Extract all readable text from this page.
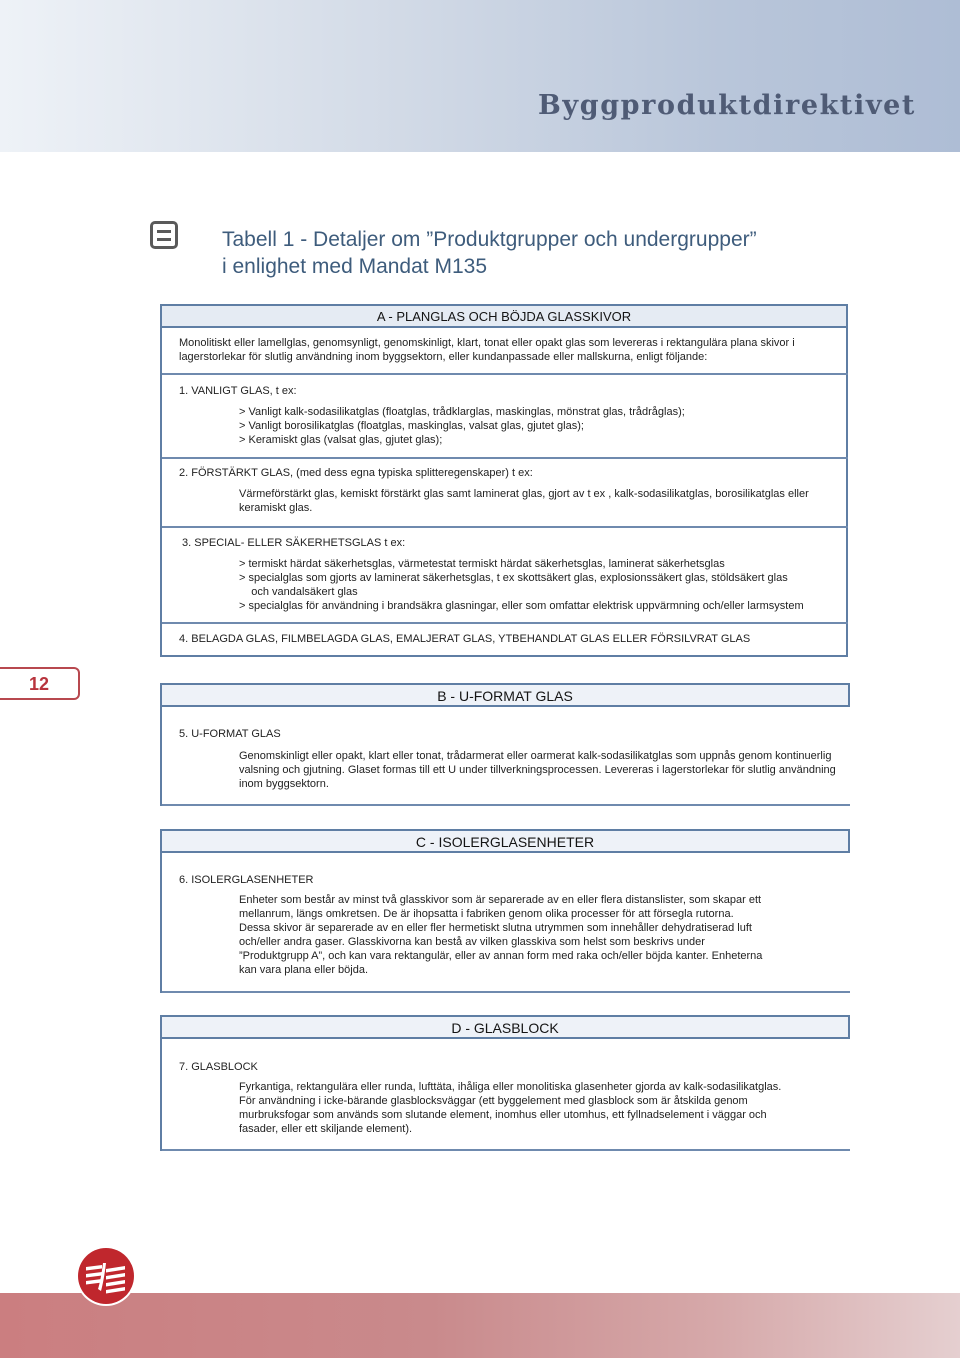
Byggproduktdirektivet
Tabell 1 - Detaljer om ”Produktgrupper och undergrupper”
i enlighet med Mandat M135
A - PLANGLAS OCH BÖJDA GLASSKIVOR
Monolitiskt eller lamellglas, genomsynligt, genomskinligt, klart, tonat eller opakt glas som levereras i rektangulära plana skivor i
lagerstorlekar för slutlig användning inom byggsektorn, eller kundanpassade eller mallskurna, enligt följande:
1. VANLIGT GLAS, t ex:
> Vanligt kalk-sodasilikatglas (floatglas, trådklarglas, maskinglas, mönstrat glas, trådråglas);
> Vanligt borosilikatglas (floatglas, maskinglas, valsat glas, gjutet glas);
> Keramiskt glas (valsat glas, gjutet glas);
2. FÖRSTÄRKT GLAS, (med dess egna typiska splitteregenskaper) t ex:
Värmeförstärkt glas, kemiskt förstärkt glas samt laminerat glas, gjort av t ex , kalk-sodasilikatglas, borosilikatglas eller
keramiskt glas.
3. SPECIAL- ELLER SÄKERHETSGLAS t ex:
> termiskt härdat säkerhetsglas, värmetestat termiskt härdat säkerhetsglas, laminerat säkerhetsglas
> specialglas som gjorts av laminerat säkerhetsglas, t ex skottsäkert glas, explosionssäkert glas, stöldsäkert glas
och vandalsäkert glas
> specialglas för användning i brandsäkra glasningar, eller som omfattar elektrisk uppvärmning och/eller larmsystem
4. BELAGDA GLAS, FILMBELAGDA GLAS, EMALJERAT GLAS, YTBEHANDLAT GLAS ELLER FÖRSILVRAT GLAS
12
B - U-FORMAT GLAS
5. U-FORMAT GLAS
Genomskinligt eller opakt, klart eller tonat, trådarmerat eller oarmerat kalk-sodasilikatglas som uppnås genom kontinuerlig
valsning och gjutning. Glaset formas till ett U under tillverkningsprocessen. Levereras i lagerstorlekar för slutlig användning
inom byggsektorn.
C - ISOLERGLASENHETER
6. ISOLERGLASENHETER
Enheter som består av minst två glasskivor som är separerade av en eller flera distanslister, som skapar ett
mellanrum, längs omkretsen. De är ihopsatta i fabriken genom olika processer för att försegla rutorna.
Dessa skivor är separerade av en eller fler hermetiskt slutna utrymmen som innehåller dehydratiserad luft
och/eller andra gaser. Glasskivorna kan bestå av vilken glasskiva som helst som beskrivs under
”Produktgrupp A”, och kan vara rektangulär, eller av annan form med raka och/eller böjda kanter. Enheterna
kan vara plana eller böjda.
D - GLASBLOCK
7. GLASBLOCK
Fyrkantiga, rektangulära eller runda, lufttäta, ihåliga eller monolitiska glasenheter gjorda av kalk-sodasilikatglas.
För användning i icke-bärande glasblocksväggar (ett byggelement med glasblock som är åtskilda genom
murbruksfogar som används som slutande element, inomhus eller utomhus, ett fyllnadselement i väggar och
fasader, eller ett skiljande element).
